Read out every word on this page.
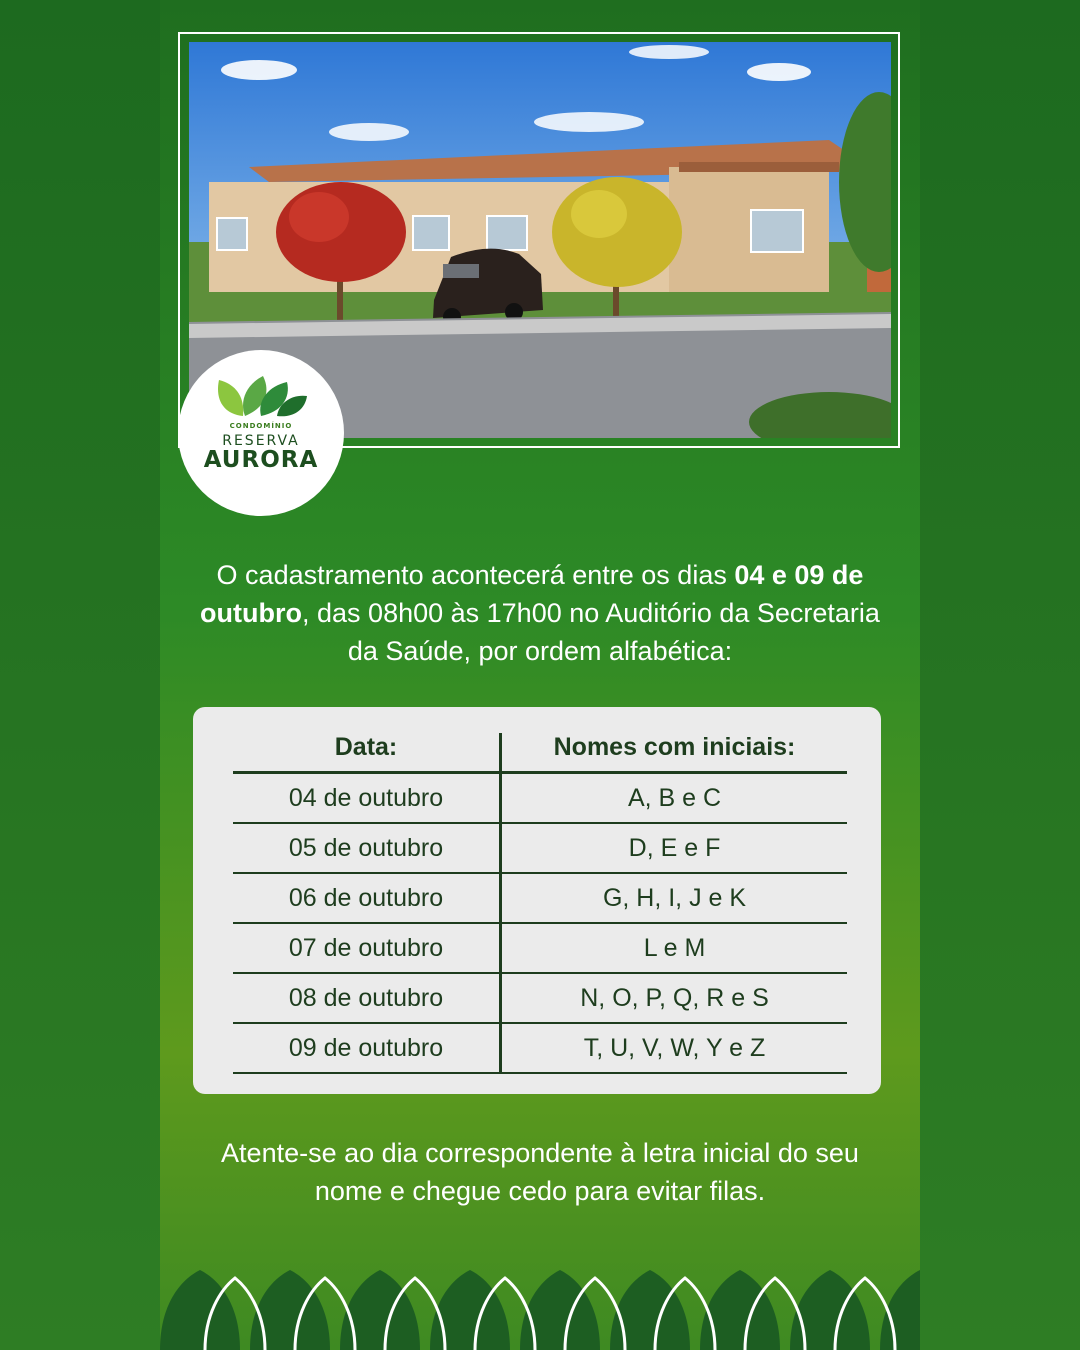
CONDOMÍNIO
RESERVA
AURORA
O cadastramento acontecerá entre os dias 04 e 09 de outubro, das 08h00 às 17h00 no Auditório da Secretaria da Saúde, por ordem alfabética:
Data:	Nomes com iniciais:
04 de outubro	A, B e C
05 de outubro	D, E e F
06 de outubro	G, H, I, J e K
07 de outubro	L e M
08 de outubro	N, O, P, Q, R e S
09 de outubro	T, U, V, W, Y e Z
Atente-se ao dia correspondente à letra inicial do seu nome e chegue cedo para evitar filas.
